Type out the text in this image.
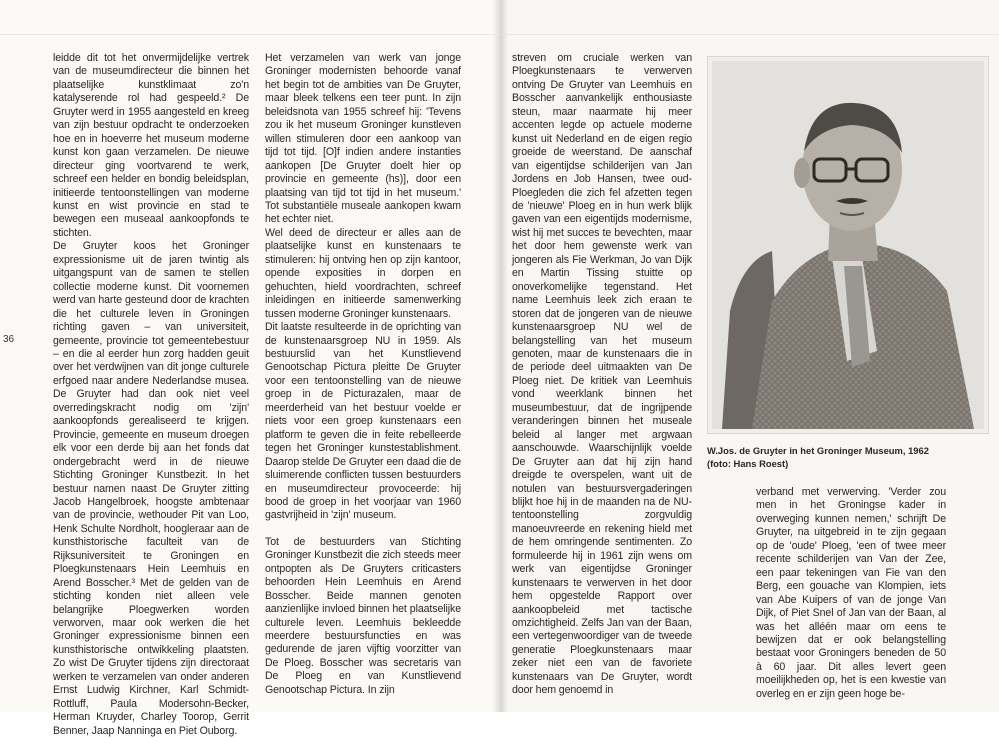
36

leidde dit tot het onvermijdelijke vertrek van de museumdirecteur die binnen het plaatselijke kunstklimaat zo'n katalyserende rol had gespeeld.² De Gruyter werd in 1955 aangesteld en kreeg van zijn bestuur opdracht te onderzoeken hoe en in hoeverre het museum moderne kunst kon gaan verzamelen. De nieuwe directeur ging voortvarend te werk, schreef een helder en bondig beleidsplan, initieerde tentoonstellingen van moderne kunst en wist provincie en stad te bewegen een museaal aankoopfonds te stichten.

De Gruyter koos het Groninger expressionisme uit de jaren twintig als uitgangspunt van de samen te stellen collectie moderne kunst. Dit voornemen werd van harte gesteund door de krachten die het culturele leven in Groningen richting gaven – van universiteit, gemeente, provincie tot gemeentebestuur – en die al eerder hun zorg hadden geuit over het verdwijnen van dit jonge culturele erfgoed naar andere Nederlandse musea. De Gruyter had dan ook niet veel overredingskracht nodig om 'zijn' aankoopfonds gerealiseerd te krijgen. Provincie, gemeente en museum droegen elk voor een derde bij aan het fonds dat ondergebracht werd in de nieuwe Stichting Groninger Kunstbezit. In het bestuur namen naast De Gruyter zitting Jacob Hangelbroek, hoogste ambtenaar van de provincie, wethouder Pit van Loo, Henk Schulte Nordholt, hoogleraar aan de kunsthistorische faculteit van de Rijksuniversiteit te Groningen en Ploegkunstenaars Hein Leemhuis en Arend Bosscher.³ Met de gelden van de stichting konden niet alleen vele belangrijke Ploegwerken worden verworven, maar ook werken die het Groninger expressionisme binnen een kunsthistorische ontwikkeling plaatsten. Zo wist De Gruyter tijdens zijn directoraat werken te verzamelen van onder anderen Ernst Ludwig Kirchner, Karl Schmidt-Rottluff, Paula Modersohn-Becker, Herman Kruyder, Charley Toorop, Gerrit Benner, Jaap Nanninga en Piet Ouborg.

Het verzamelen van werk van jonge Groninger modernisten behoorde vanaf het begin tot de ambities van De Gruyter, maar bleek telkens een teer punt. In zijn beleidsnota van 1955 schreef hij: 'Tevens zou ik het museum Groninger kunstleven willen stimuleren door een aankoop van tijd tot tijd. [O]f indien andere instanties aankopen [De Gruyter doelt hier op provincie en gemeente (hs)], door een plaatsing van tijd tot tijd in het museum.' Tot substantiële museale aankopen kwam het echter niet.

Wel deed de directeur er alles aan de plaatselijke kunst en kunstenaars te stimuleren: hij ontving hen op zijn kantoor, opende exposities in dorpen en gehuchten, hield voordrachten, schreef inleidingen en initieerde samenwerking tussen moderne Groninger kunstenaars.

Dit laatste resulteerde in de oprichting van de kunstenaarsgroep NU in 1959. Als bestuurslid van het Kunstlievend Genootschap Pictura pleitte De Gruyter voor een tentoonstelling van de nieuwe groep in de Picturazalen, maar de meerderheid van het bestuur voelde er niets voor een groep kunstenaars een platform te geven die in feite rebelleerde tegen het Groninger kunstestablishment. Daarop stelde De Gruyter een daad die de sluimerende conflicten tussen bestuurders en museumdirecteur provoceerde: hij bood de groep in het voorjaar van 1960 gastvrijheid in 'zijn' museum.

Tot de bestuurders van Stichting Groninger Kunstbezit die zich steeds meer ontpopten als De Gruyters criticasters behoorden Hein Leemhuis en Arend Bosscher. Beide mannen genoten aanzienlijke invloed binnen het plaatselijke culturele leven. Leemhuis bekleedde meerdere bestuursfuncties en was gedurende de jaren vijftig voorzitter van De Ploeg. Bosscher was secretaris van De Ploeg en van Kunstlievend Genootschap Pictura. In zijn

streven om cruciale werken van Ploegkunstenaars te verwerven ontving De Gruyter van Leemhuis en Bosscher aanvankelijk enthousiaste steun, maar naarmate hij meer accenten legde op actuele moderne kunst uit Nederland en de eigen regio groeide de weerstand. De aanschaf van eigentijdse schilderijen van Jan Jordens en Job Hansen, twee oud-Ploegleden die zich fel afzetten tegen de 'nieuwe' Ploeg en in hun werk blijk gaven van een eigentijds modernisme, wist hij met succes te bevechten, maar het door hem gewenste werk van jongeren als Fie Werkman, Jo van Dijk en Martin Tissing stuitte op onoverkomelijke tegenstand. Het name Leemhuis leek zich eraan te storen dat de jongeren van de nieuwe kunstenaarsgroep NU wel de belangstelling van het museum genoten, maar de kunstenaars die in de periode deel uitmaakten van De Ploeg niet. De kritiek van Leemhuis vond weerklank binnen het museumbestuur, dat de ingrijpende veranderingen binnen het museale beleid al langer met argwaan aanschouwde. Waarschijnlijk voelde De Gruyter aan dat hij zijn hand dreigde te overspelen, want uit de notulen van bestuursvergaderingen blijkt hoe hij in de maanden na de NU-tentoonstelling zorgvuldig manoeuvreerde en rekening hield met de hem omringende sentimenten. Zo formuleerde hij in 1961 zijn wens om werk van eigentijdse Groninger kunstenaars te verwerven in het door hem opgestelde Rapport over aankoopbeleid met tactische omzichtigheid. Zelfs Jan van der Baan, een vertegenwoordiger van de tweede generatie Ploegkunstenaars maar zeker niet een van de favoriete kunstenaars van De Gruyter, wordt door hem genoemd in

W.Jos. de Gruyter in het Groninger Museum, 1962
(foto: Hans Roest)

verband met verwerving. 'Verder zou men in het Groningse kader in overweging kunnen nemen,' schrijft De Gruyter, na uitgebreid in te zijn gegaan op de 'oude' Ploeg, 'een of twee meer recente schilderijen van Van der Zee, een paar tekeningen van Fie van den Berg, een gouache van Klompien, iets van Abe Kuipers of van de jonge Van Dijk, of Piet Snel of Jan van der Baan, al was het alléén maar om eens te bewijzen dat er ook belangstelling bestaat voor Groningers beneden de 50 à 60 jaar. Dit alles levert geen moeilijkheden op, het is een kwestie van overleg en er zijn geen hoge be-
